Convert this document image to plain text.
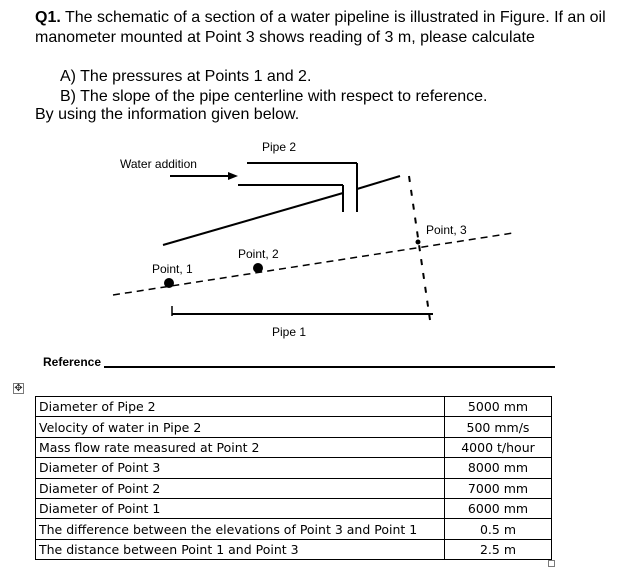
Q1. The schematic of a section of a water pipeline is illustrated in Figure. If an oil manometer mounted at Point 3 shows reading of 3 m, please calculate
A) The pressures at Points 1 and 2.
B) The slope of the pipe centerline with respect to reference.
By using the information given below.
Pipe 2
Water addition
Point, 3
Point, 2
Point, 1
Pipe 1
Reference
✥
Diameter of Pipe 2	5000 mm
Velocity of water in Pipe 2	500 mm/s
Mass flow rate measured at Point 2	4000 t/hour
Diameter of Point 3	8000 mm
Diameter of Point 2	7000 mm
Diameter of Point 1	6000 mm
The difference between the elevations of Point 3 and Point 1	0.5 m
The distance between Point 1 and Point 3	2.5 m
